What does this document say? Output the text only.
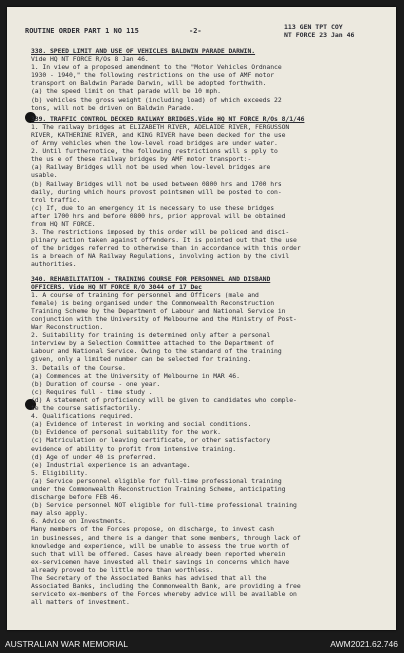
ROUTINE ORDER PART 1 NO 115	-2-	113 GEN TPT COY
NT FORCE 23 Jan 46
338. SPEED LIMIT AND USE OF VEHICLES BALDWIN PARADE DARWIN.
Vide HQ NT FORCE R/Os 8 Jan 46.
1. In view of a proposed amendment to the "Motor Vehicles Ordnance
1930 - 1940," the following restrictions on the use of AMF motor
transport on Baldwin Parade Darwin, will be adopted forthwith.
(a) the speed limit on that parade will be 10 mph.
(b) vehicles the gross weight (including load) of which exceeds 22
tons, will not be driven on Baldwin Parade.
339. TRAFFIC CONTROL DECKED RAILWAY BRIDGES.Vide HQ NT FORCE R/Os 8/1/46
1. The railway bridges at ELIZABETH RIVER, ADELAIDE RIVER, FERGUSSON
RIVER, KATHERINE RIVER, and KING RIVER have been decked for the use
of Army vehicles when the low-level road bridges are under water.
2. Until furthernotice, the following restrictions will s pply to
the us e of these railway bridges by AMF motor transport:-
(a) Railway Bridges will not be used when low-level bridges are
usable.
(b) Railway Bridges will not be used between 0800 hrs and 1700 hrs
daily, during which hours provost pointsmen will be posted to con-
trol traffic.
(c) If, due to an emergency it is necessary to use these bridges
after 1700 hrs and before 0800 hrs, prior approval will be obtained
from HQ NT FORCE.
3. The restrictions imposed by this order will be policed and disci-
plinary action taken against offenders. It is pointed out that the use
of the bridges referred to otherwise than in accordance with this order
is a breach of NA Railway Regulations, involving action by the civil
authorities.
340. REHABILITATION - TRAINING COURSE FOR PERSONNEL AND DISBAND
OFFICERS. Vide HQ NT FORCE R/O 3044 of 17 Dec
1. A course of training for personnel and Officers (male and
female) is being organised under the Commonwealth Reconstruction
Training Scheme by the Department of Labour and National Service in
conjunction with the University of Melbourne and the Ministry of Post-
War Reconstruction.
2. Suitability for training is determined only after a personal
interview by a Selection Committee attached to the Department of
Labour and National Service. Owing to the standard of the training
given, only a limited number can be selected for training.
3. Details of the Course.
(a) Commences at the University of Melbourne in MAR 46.
(b) Duration of course - one year.
(c) Requires full - time study .
(d) A statement of proficiency will be given to candidates who comple-
te the course satisfactorily.
4. Qualifications required.
(a) Evidence of interest in working and social conditions.
(b) Evidence of personal suitability for the work.
(c) Matriculation or leaving certificate, or other satisfactory
evidence of ability to profit from intensive training.
(d) Age of under 40 is preferred.
(e) Industrial experience is an advantage.
5. Eligibility.
(a) Service personnel eligible for full-time professional training
under the Commonwealth Reconstruction Training Scheme, anticipating
discharge before FEB 46.
(b) Service personnel NOT eligible for full-time professional training
may also apply.
6. Advice on Investments.
Many members of the Forces propose, on discharge, to invest cash
in businesses, and there is a danger that some members, through lack of
knowledge and experience, will be unable to assess the true worth of
such that will be offered. Cases have already been reported wherein
ex-servicemen have invested all their savings in concerns which have
already proved to be little more than worthless.
The Secretary of the Associated Banks has advised that all the
Associated Banks, including the Commonwealth Bank, are providing a free
serviceto ex-members of the Forces whereby advice will be available on
all matters of investment.
AUSTRALIAN WAR MEMORIAL	AWM2021.62.746
